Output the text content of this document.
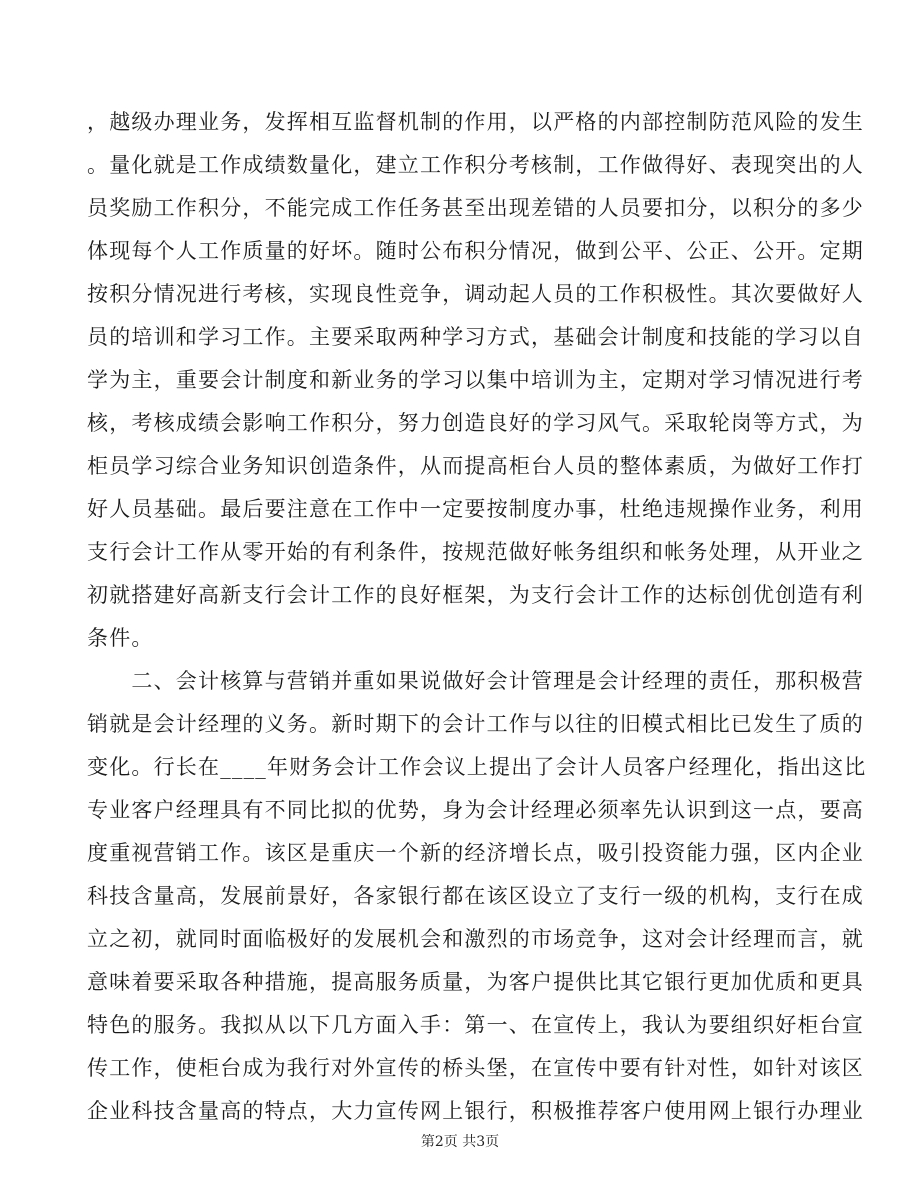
，越级办理业务，发挥相互监督机制的作用，以严格的内部控制防范风险的发生
。量化就是工作成绩数量化，建立工作积分考核制，工作做得好、表现突出的人
员奖励工作积分，不能完成工作任务甚至出现差错的人员要扣分，以积分的多少
体现每个人工作质量的好坏。随时公布积分情况，做到公平、公正、公开。定期
按积分情况进行考核，实现良性竞争，调动起人员的工作积极性。其次要做好人
员的培训和学习工作。主要采取两种学习方式，基础会计制度和技能的学习以自
学为主，重要会计制度和新业务的学习以集中培训为主，定期对学习情况进行考
核，考核成绩会影响工作积分，努力创造良好的学习风气。采取轮岗等方式，为
柜员学习综合业务知识创造条件，从而提高柜台人员的整体素质，为做好工作打
好人员基础。最后要注意在工作中一定要按制度办事，杜绝违规操作业务，利用
支行会计工作从零开始的有利条件，按规范做好帐务组织和帐务处理，从开业之
初就搭建好高新支行会计工作的良好框架，为支行会计工作的达标创优创造有利
条件。
　　二、会计核算与营销并重如果说做好会计管理是会计经理的责任，那积极营
销就是会计经理的义务。新时期下的会计工作与以往的旧模式相比已发生了质的
变化。行长在____年财务会计工作会议上提出了会计人员客户经理化，指出这比
专业客户经理具有不同比拟的优势，身为会计经理必须率先认识到这一点，要高
度重视营销工作。该区是重庆一个新的经济增长点，吸引投资能力强，区内企业
科技含量高，发展前景好，各家银行都在该区设立了支行一级的机构，支行在成
立之初，就同时面临极好的发展机会和激烈的市场竞争，这对会计经理而言，就
意味着要采取各种措施，提高服务质量，为客户提供比其它银行更加优质和更具
特色的服务。我拟从以下几方面入手：第一、在宣传上，我认为要组织好柜台宣
传工作，使柜台成为我行对外宣传的桥头堡，在宣传中要有针对性，如针对该区
企业科技含量高的特点，大力宣传网上银行，积极推荐客户使用网上银行办理业
第2页 共3页
